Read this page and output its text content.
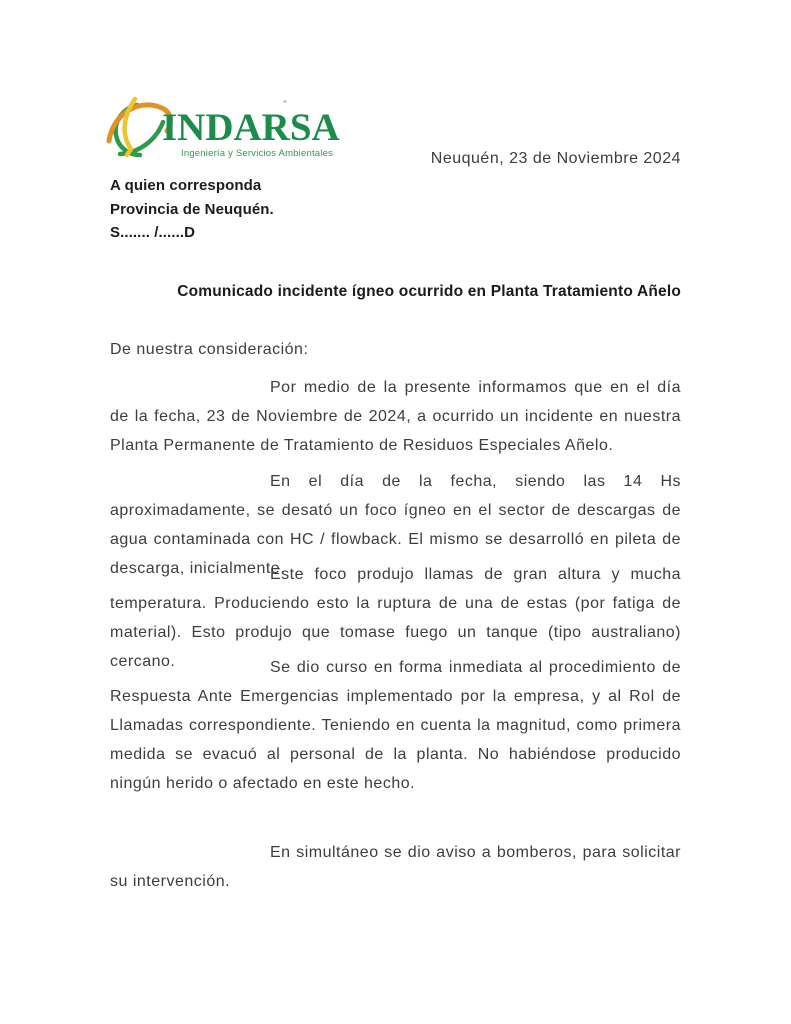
INDARSA
Ingeniería y Servicios Ambientales	Neuquén, 23 de Noviembre 2024
A quien corresponda
Provincia de Neuquén.
S....... /......D
Comunicado incidente ígneo ocurrido en Planta Tratamiento Añelo
De nuestra consideración:

Por medio de la presente informamos que en el día de la fecha, 23 de Noviembre de 2024, a ocurrido un incidente en nuestra Planta Permanente de Tratamiento de Residuos Especiales Añelo.

En el día de la fecha, siendo las 14 Hs aproximadamente, se desató un foco ígneo en el sector de descargas de agua contaminada con HC / flowback. El mismo se desarrolló en pileta de descarga, inicialmente.

Este foco produjo llamas de gran altura y mucha temperatura. Produciendo esto la ruptura de una de estas (por fatiga de material). Esto produjo que tomase fuego un tanque (tipo australiano) cercano.	Se dio curso en forma inmediata al procedimiento de Respuesta Ante Emergencias implementado por la empresa, y al Rol de Llamadas correspondiente. Teniendo en cuenta la magnitud, como primera medida se evacuó al personal de la planta. No habiéndose producido ningún herido o afectado en este hecho.

En simultáneo se dio aviso a bomberos, para solicitar su intervención.
